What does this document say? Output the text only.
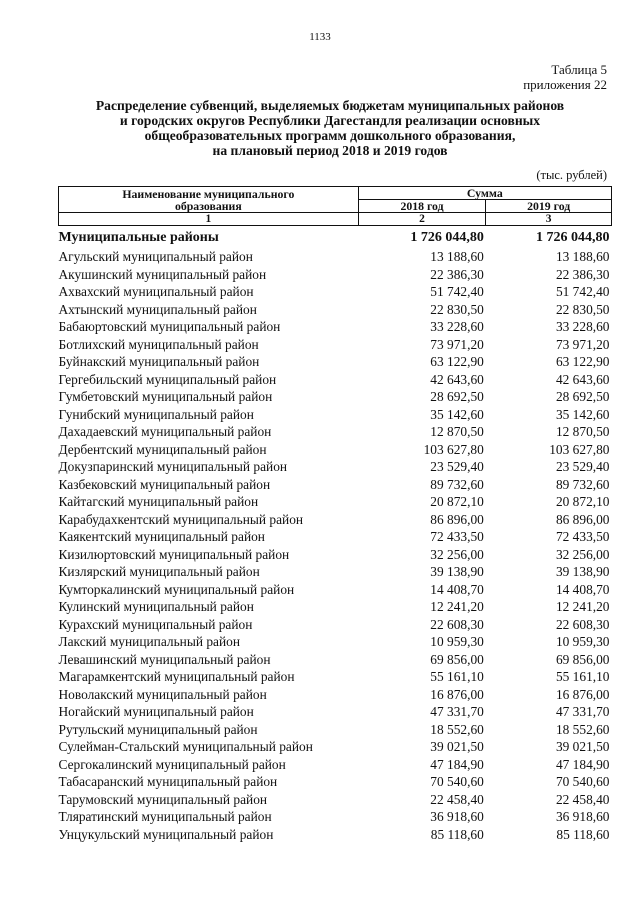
1133
Таблица 5
приложения 22
Распределение субвенций, выделяемых бюджетам муниципальных районов
и городских округов Республики Дагестандля реализации основных
общеобразовательных программ дошкольного образования,
на плановый период 2018 и 2019 годов
(тыс. рублей)
Наименование муниципального образования	Сумма	
	2018 год	2019 год
1	2	3
Муниципальные районы	1 726 044,80	1 726 044,80
Агульский муниципальный район	13 188,60	13 188,60
Акушинский муниципальный район	22 386,30	22 386,30
Ахвахский муниципальный район	51 742,40	51 742,40
Ахтынский муниципальный район	22 830,50	22 830,50
Бабаюртовский муниципальный район	33 228,60	33 228,60
Ботлихский муниципальный район	73 971,20	73 971,20
Буйнакский муниципальный район	63 122,90	63 122,90
Гергебильский муниципальный район	42 643,60	42 643,60
Гумбетовский муниципальный район	28 692,50	28 692,50
Гунибский муниципальный район	35 142,60	35 142,60
Дахадаевский муниципальный район	12 870,50	12 870,50
Дербентский муниципальный район	103 627,80	103 627,80
Докузпаринский муниципальный район	23 529,40	23 529,40
Казбековский муниципальный район	89 732,60	89 732,60
Кайтагский муниципальный район	20 872,10	20 872,10
Карабудахкентский муниципальный район	86 896,00	86 896,00
Каякентский муниципальный район	72 433,50	72 433,50
Кизилюртовский муниципальный район	32 256,00	32 256,00
Кизлярский муниципальный район	39 138,90	39 138,90
Кумторкалинский муниципальный район	14 408,70	14 408,70
Кулинский муниципальный район	12 241,20	12 241,20
Курахский муниципальный район	22 608,30	22 608,30
Лакский муниципальный район	10 959,30	10 959,30
Левашинский муниципальный район	69 856,00	69 856,00
Магарамкентский муниципальный район	55 161,10	55 161,10
Новолакский муниципальный район	16 876,00	16 876,00
Ногайский муниципальный район	47 331,70	47 331,70
Рутульский муниципальный район	18 552,60	18 552,60
Сулейман-Стальский муниципальный район	39 021,50	39 021,50
Сергокалинский муниципальный район	47 184,90	47 184,90
Табасаранский муниципальный район	70 540,60	70 540,60
Тарумовский муниципальный район	22 458,40	22 458,40
Тляратинский муниципальный район	36 918,60	36 918,60
Унцукульский муниципальный район	85 118,60	85 118,60
